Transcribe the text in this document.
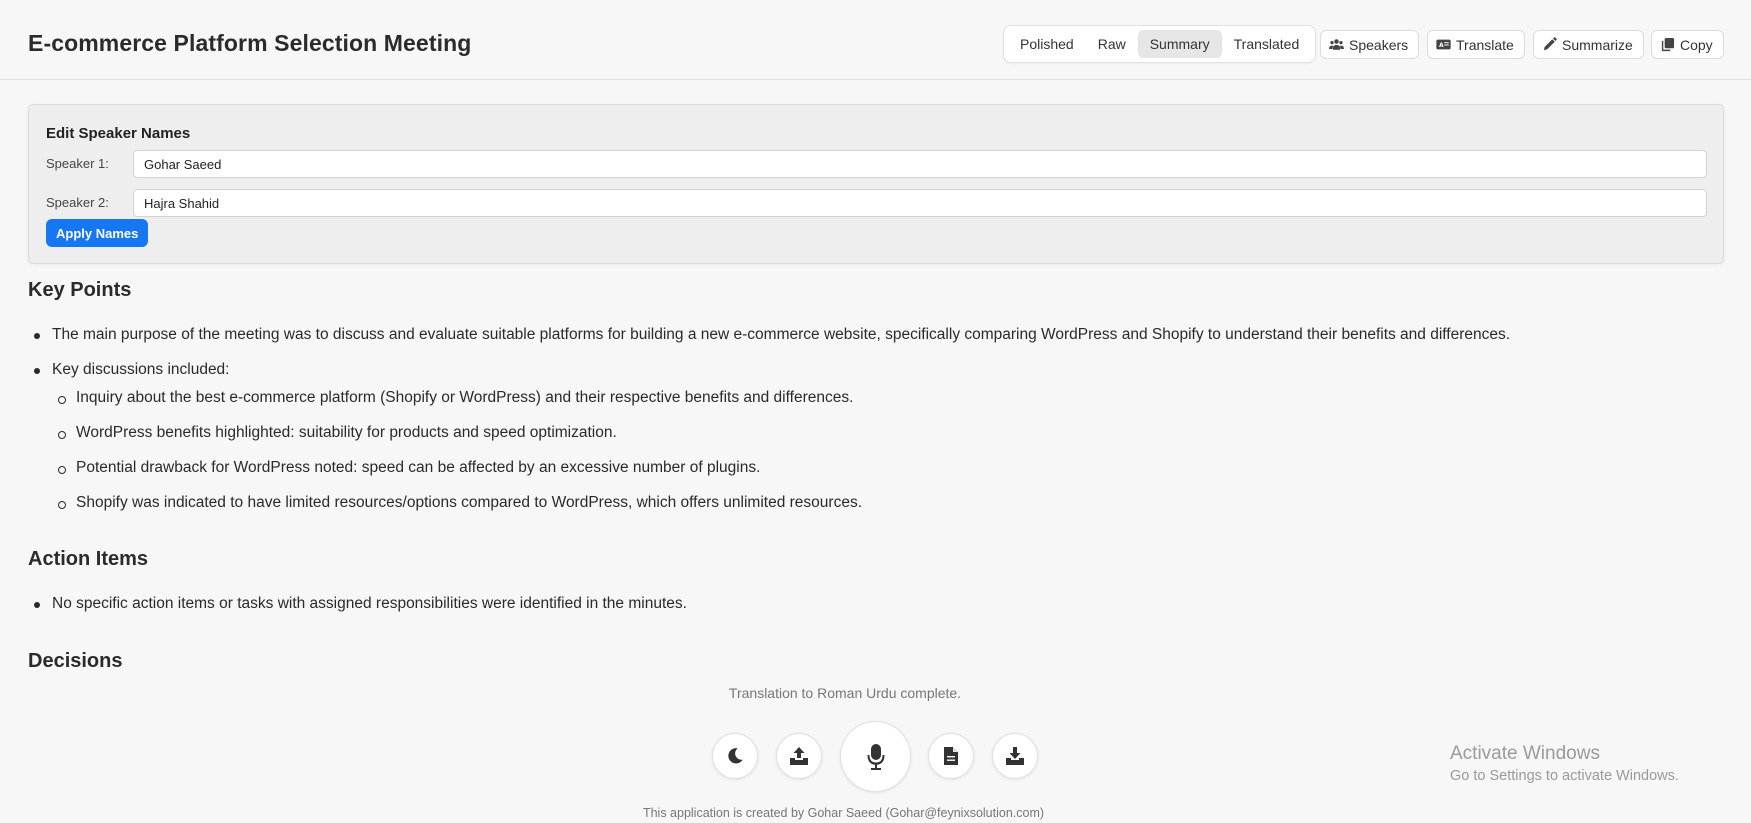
E-commerce Platform Selection Meeting	Polished	Raw	Summary	Translated	Speakers	A Translate	Summarize	Copy
Edit Speaker Names
Speaker 1:
Gohar Saeed
Speaker 2:
Hajra Shahid
Apply Names
Key Points
The main purpose of the meeting was to discuss and evaluate suitable platforms for building a new e-commerce website, specifically comparing WordPress and Shopify to understand their benefits and differences.
Key discussions included:
Inquiry about the best e-commerce platform (Shopify or WordPress) and their respective benefits and differences.
WordPress benefits highlighted: suitability for products and speed optimization.
Potential drawback for WordPress noted: speed can be affected by an excessive number of plugins.
Shopify was indicated to have limited resources/options compared to WordPress, which offers unlimited resources.
Action Items
No specific action items or tasks with assigned responsibilities were identified in the minutes.
Decisions
Translation to Roman Urdu complete.
This application is created by Gohar Saeed (Gohar@feynixsolution.com)
Activate Windows
Go to Settings to activate Windows.
